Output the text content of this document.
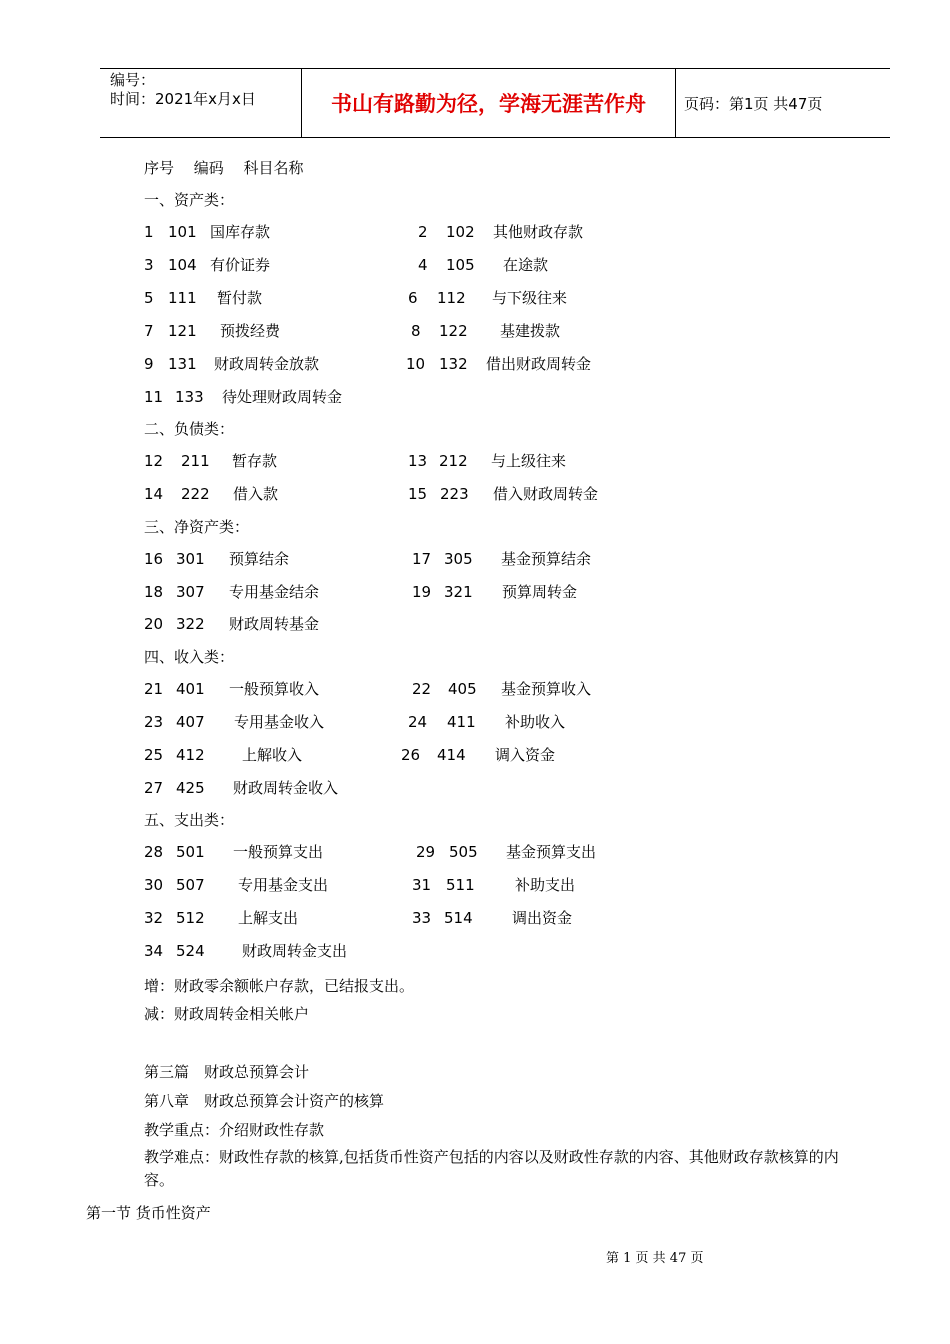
编号：
时间：2021年x月x日	书山有路勤为径，学海无涯苦作舟	页码：第1页 共47页
序号　 编码　 科目名称
一、资产类：
二、负债类：
三、净资产类：
四、收入类：
五、支出类：
1 101 国库存款	2 102 其他财政存款
3 104 有价证券	4 105 在途款
5 111 暂付款	6 112 与下级往来
7 121 预拨经费	8 122 基建拨款
9 131 财政周转金放款	10 132 借出财政周转金
11 133 待处理财政周转金
12 211 暂存款	13 212 与上级往来
14 222 借入款	15 223 借入财政周转金
16 301 预算结余	17 305 基金预算结余
18 307 专用基金结余	19 321 预算周转金
20 322 财政周转基金
21 401 一般预算收入	22 405 基金预算收入
23 407 专用基金收入	24 411 补助收入
25 412 上解收入	26 414 调入资金
27 425 财政周转金收入
28 501 一般预算支出	29 505 基金预算支出
30 507 专用基金支出	31 511	补助支出
32 512 上解支出	33 514	调出资金
34 524 财政周转金支出
增：财政零余额帐户存款，已结报支出。
减：财政周转金相关帐户
第三篇　财政总预算会计
第八章　财政总预算会计资产的核算
教学重点：介绍财政性存款
教学难点：财政性存款的核算,包括货币性资产包括的内容以及财政性存款的内容、其他财政存款核算的内容。
第一节 货币性资产
第 1 页 共 47 页
